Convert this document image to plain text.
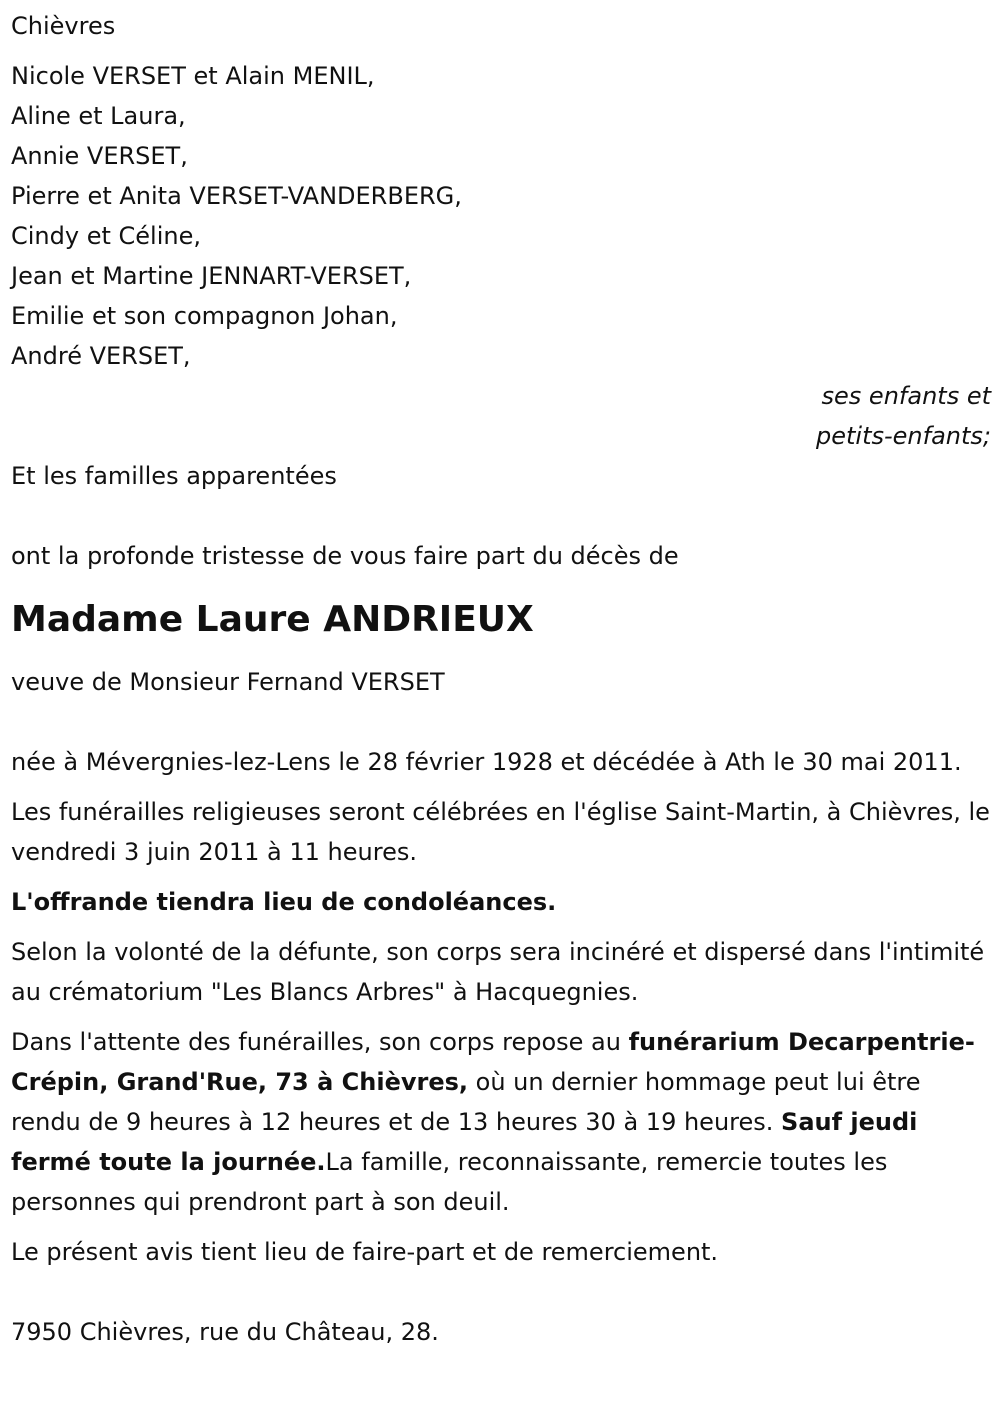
Chièvres

Nicole VERSET et Alain MENIL,
Aline et Laura,
Annie VERSET,
Pierre et Anita VERSET-VANDERBERG,
Cindy et Céline,
Jean et Martine JENNART-VERSET,
Emilie et son compagnon Johan,
André VERSET,
ses enfants et
petits-enfants;

Et les familles apparentées

ont la profonde tristesse de vous faire part du décès de

Madame Laure ANDRIEUX

veuve de Monsieur Fernand VERSET

née à Mévergnies-lez-Lens le 28 février 1928 et décédée à Ath le 30 mai 2011.

Les funérailles religieuses seront célébrées en l'église Saint-Martin, à Chièvres, le vendredi 3 juin 2011 à 11 heures.

L'offrande tiendra lieu de condoléances.

Selon la volonté de la défunte, son corps sera incinéré et dispersé dans l'intimité au crématorium "Les Blancs Arbres" à Hacquegnies.

Dans l'attente des funérailles, son corps repose au funérarium Decarpentrie-Crépin, Grand'Rue, 73 à Chièvres, où un dernier hommage peut lui être rendu de 9 heures à 12 heures et de 13 heures 30 à 19 heures. Sauf jeudi fermé toute la journée.La famille, reconnaissante, remercie toutes les personnes qui prendront part à son deuil.

Le présent avis tient lieu de faire-part et de remerciement.

7950 Chièvres, rue du Château, 28.
